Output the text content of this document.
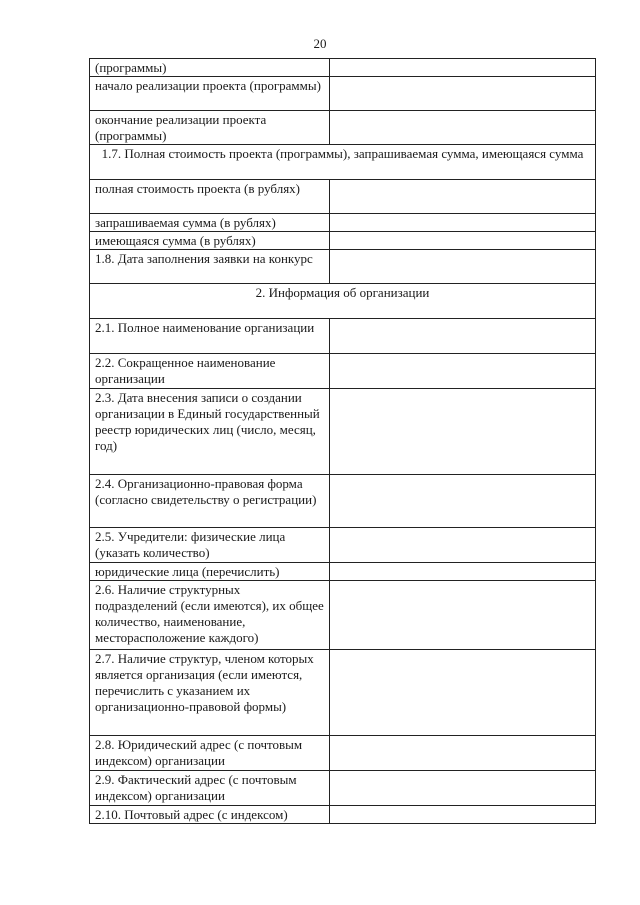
20
(программы)	
начало реализации проекта (программы)	
окончание реализации проекта (программы)	
1.7. Полная стоимость проекта (программы), запрашиваемая сумма, имеющаяся сумма	
полная стоимость проекта (в рублях)	
запрашиваемая сумма (в рублях)	
имеющаяся сумма (в рублях)	
1.8. Дата заполнения заявки на конкурс	
2. Информация об организации	
2.1. Полное наименование организации	
2.2. Сокращенное наименование организации	
2.3. Дата внесения записи о создании организации в Единый государственный реестр юридических лиц (число, месяц, год)	
2.4. Организационно-правовая форма (согласно свидетельству о регистрации)	
2.5. Учредители: физические лица (указать количество)	
юридические лица (перечислить)	
2.6. Наличие структурных подразделений (если имеются), их общее количество, наименование, месторасположение каждого)	
2.7. Наличие структур, членом которых является организация (если имеются, перечислить с указанием их организационно-правовой формы)	
2.8. Юридический адрес (с почтовым индексом) организации	
2.9. Фактический адрес (с почтовым индексом) организации	
2.10. Почтовый адрес (с индексом)	
